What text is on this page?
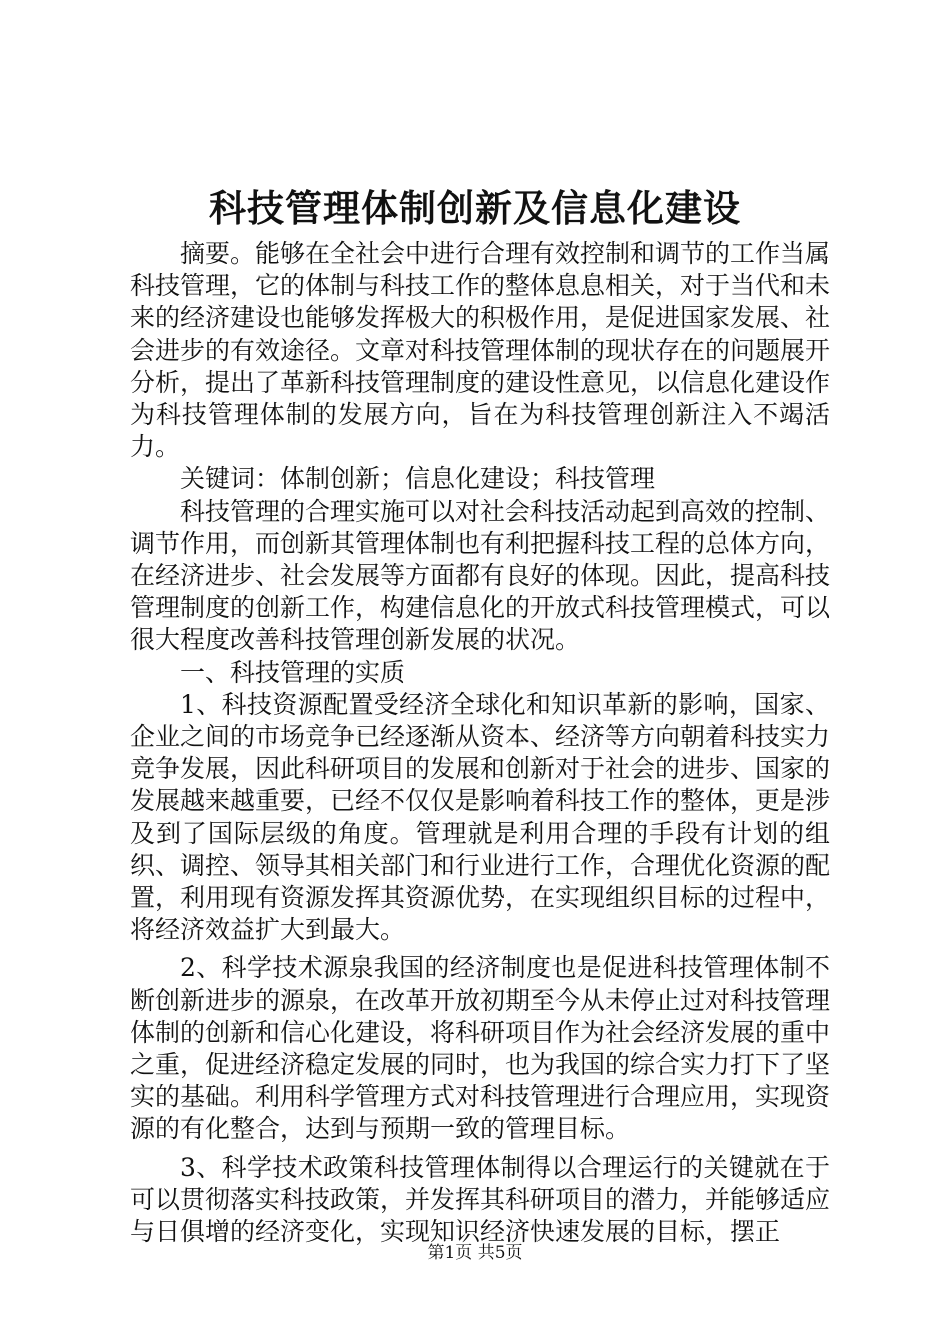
科技管理体制创新及信息化建设

摘要。能够在全社会中进行合理有效控制和调节的工作当属科技管理，它的体制与科技工作的整体息息相关，对于当代和未来的经济建设也能够发挥极大的积极作用，是促进国家发展、社会进步的有效途径。文章对科技管理体制的现状存在的问题展开分析，提出了革新科技管理制度的建设性意见，以信息化建设作为科技管理体制的发展方向，旨在为科技管理创新注入不竭活力。

关键词：体制创新；信息化建设；科技管理

科技管理的合理实施可以对社会科技活动起到高效的控制、调节作用，而创新其管理体制也有利把握科技工程的总体方向，在经济进步、社会发展等方面都有良好的体现。因此，提高科技管理制度的创新工作，构建信息化的开放式科技管理模式，可以很大程度改善科技管理创新发展的状况。

一、科技管理的实质

1、科技资源配置受经济全球化和知识革新的影响，国家、企业之间的市场竞争已经逐渐从资本、经济等方向朝着科技实力竞争发展，因此科研项目的发展和创新对于社会的进步、国家的发展越来越重要，已经不仅仅是影响着科技工作的整体，更是涉及到了国际层级的角度。管理就是利用合理的手段有计划的组织、调控、领导其相关部门和行业进行工作，合理优化资源的配置，利用现有资源发挥其资源优势，在实现组织目标的过程中，将经济效益扩大到最大。

2、科学技术源泉我国的经济制度也是促进科技管理体制不断创新进步的源泉，在改革开放初期至今从未停止过对科技管理体制的创新和信心化建设，将科研项目作为社会经济发展的重中之重，促进经济稳定发展的同时，也为我国的综合实力打下了坚实的基础。利用科学管理方式对科技管理进行合理应用，实现资源的有化整合，达到与预期一致的管理目标。

3、科学技术政策科技管理体制得以合理运行的关键就在于可以贯彻落实科技政策，并发挥其科研项目的潜力，并能够适应与日俱增的经济变化，实现知识经济快速发展的目标，摆正

第1页 共5页
